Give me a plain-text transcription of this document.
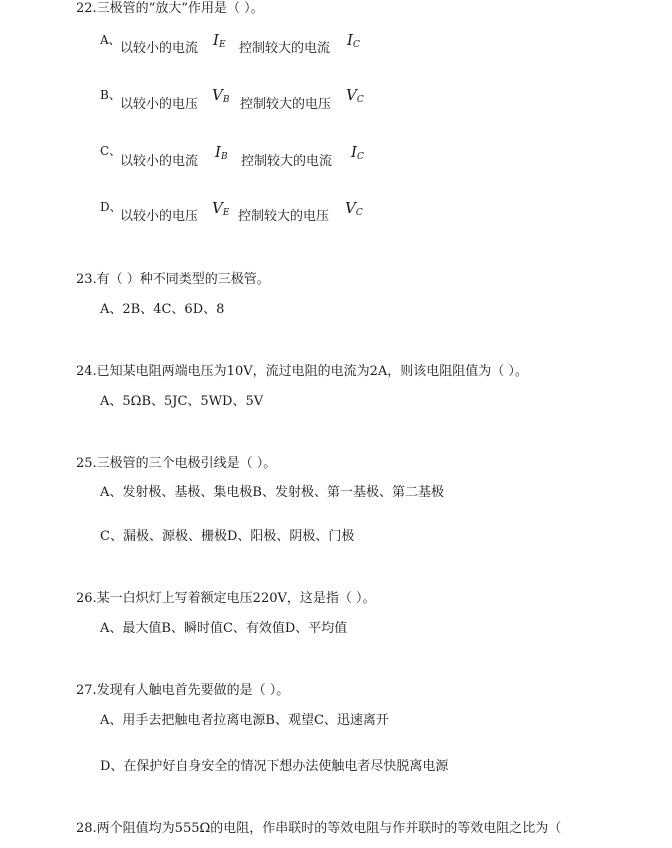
22.三极管的“放大”作用是（ ）。
A、
以较小的电流 $I_E$ 控制较大的电流 $I_C$
B、
以较小的电压
$V_B$ 控制较大的电压
$V_C$
C、
以较小的电流
$I_B$ 控制较大的电流
$I_C$
D、
以较小的电压 $V_E$ 控制较大的电压 $V_C$
23.有（ ）种不同类型的三极管。
A、2B、4C、6D、8
24.已知某电阻两端电压为10V，流过电阻的电流为2A，则该电阻阻值为（ ）。
A、5ΩB、5JC、5WD、5V
25.三极管的三个电极引线是（ ）。
A、发射极、基极、集电极B、发射极、第一基极、第二基极
C、漏极、源极、栅极D、阳极、阴极、门极
26.某一白炽灯上写着额定电压220V，这是指（ ）。
A、最大值B、瞬时值C、有效值D、平均值
27.发现有人触电首先要做的是（ ）。
A、用手去把触电者拉离电源B、观望C、迅速离开
D、在保护好自身安全的情况下想办法使触电者尽快脱离电源
28.两个阻值均为555Ω的电阻，作串联时的等效电阻与作并联时的等效电阻之比为（
